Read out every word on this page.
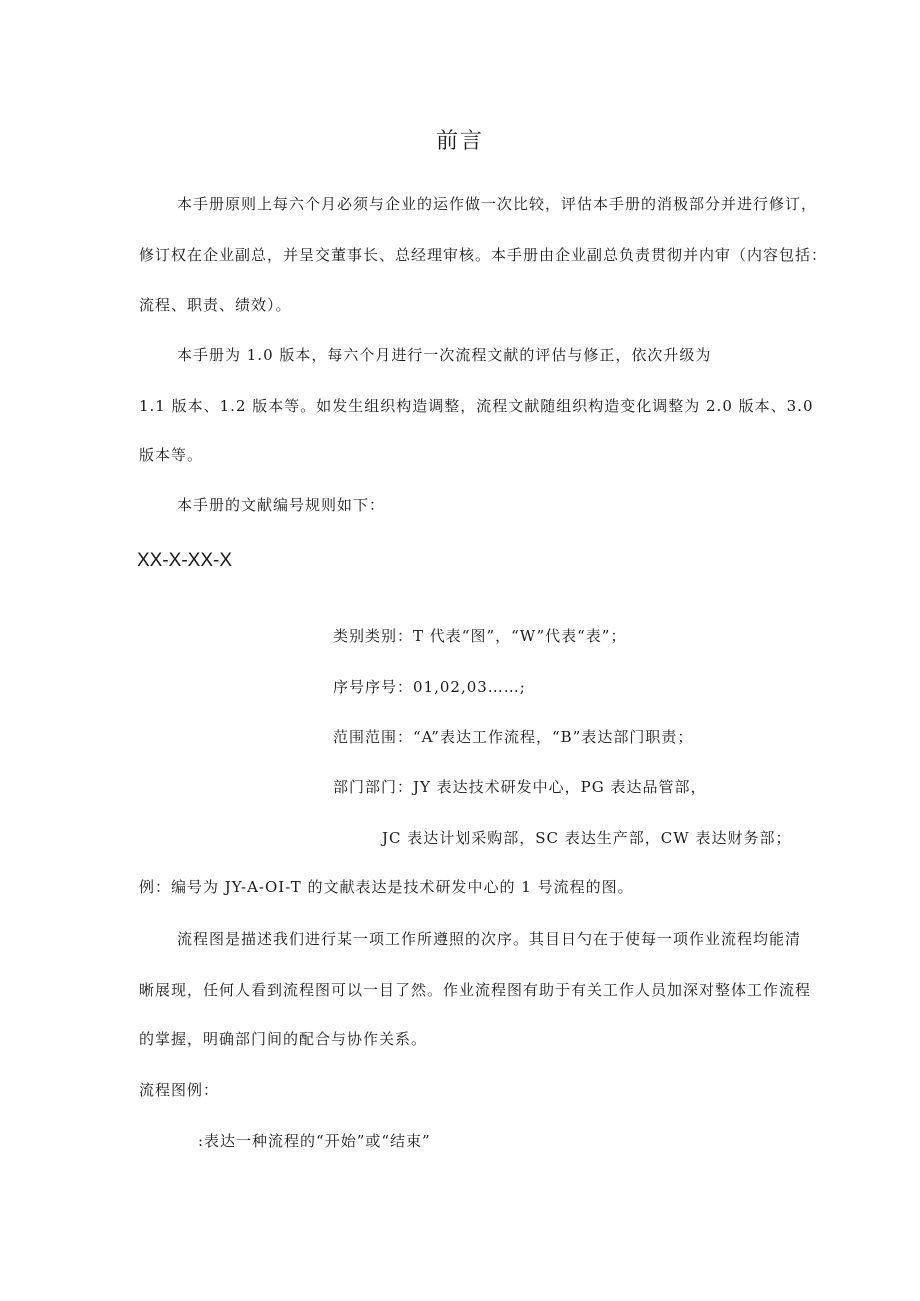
前言
本手册原则上每六个月必须与企业的运作做一次比较，评估本手册的消极部分并进行修订，
修订权在企业副总，并呈交董事长、总经理审核。本手册由企业副总负责贯彻并内审（内容包括：
流程、职责、绩效）。
本手册为 1.0 版本，每六个月进行一次流程文献的评估与修正，依次升级为
1.1 版本、1.2 版本等。如发生组织构造调整，流程文献随组织构造变化调整为 2.0 版本、3.0
版本等。
本手册的文献编号规则如下：
XX-X-XX-X
类别类别：T 代表“图”，“W”代表“表”；
序号序号：01,02,03……;
范围范围：“A”表达工作流程，“B”表达部门职责；
部门部门：JY 表达技术研发中心，PG 表达品管部，
JC 表达计划采购部，SC 表达生产部，CW 表达财务部；
例：编号为 JY-A-OI-T 的文献表达是技术研发中心的 1 号流程的图。
流程图是描述我们进行某一项工作所遵照的次序。其目日勺在于使每一项作业流程均能清
晰展现，任何人看到流程图可以一目了然。作业流程图有助于有关工作人员加深对整体工作流程
的掌握，明确部门间的配合与协作关系。
流程图例：
:表达一种流程的“开始”或“结束”
